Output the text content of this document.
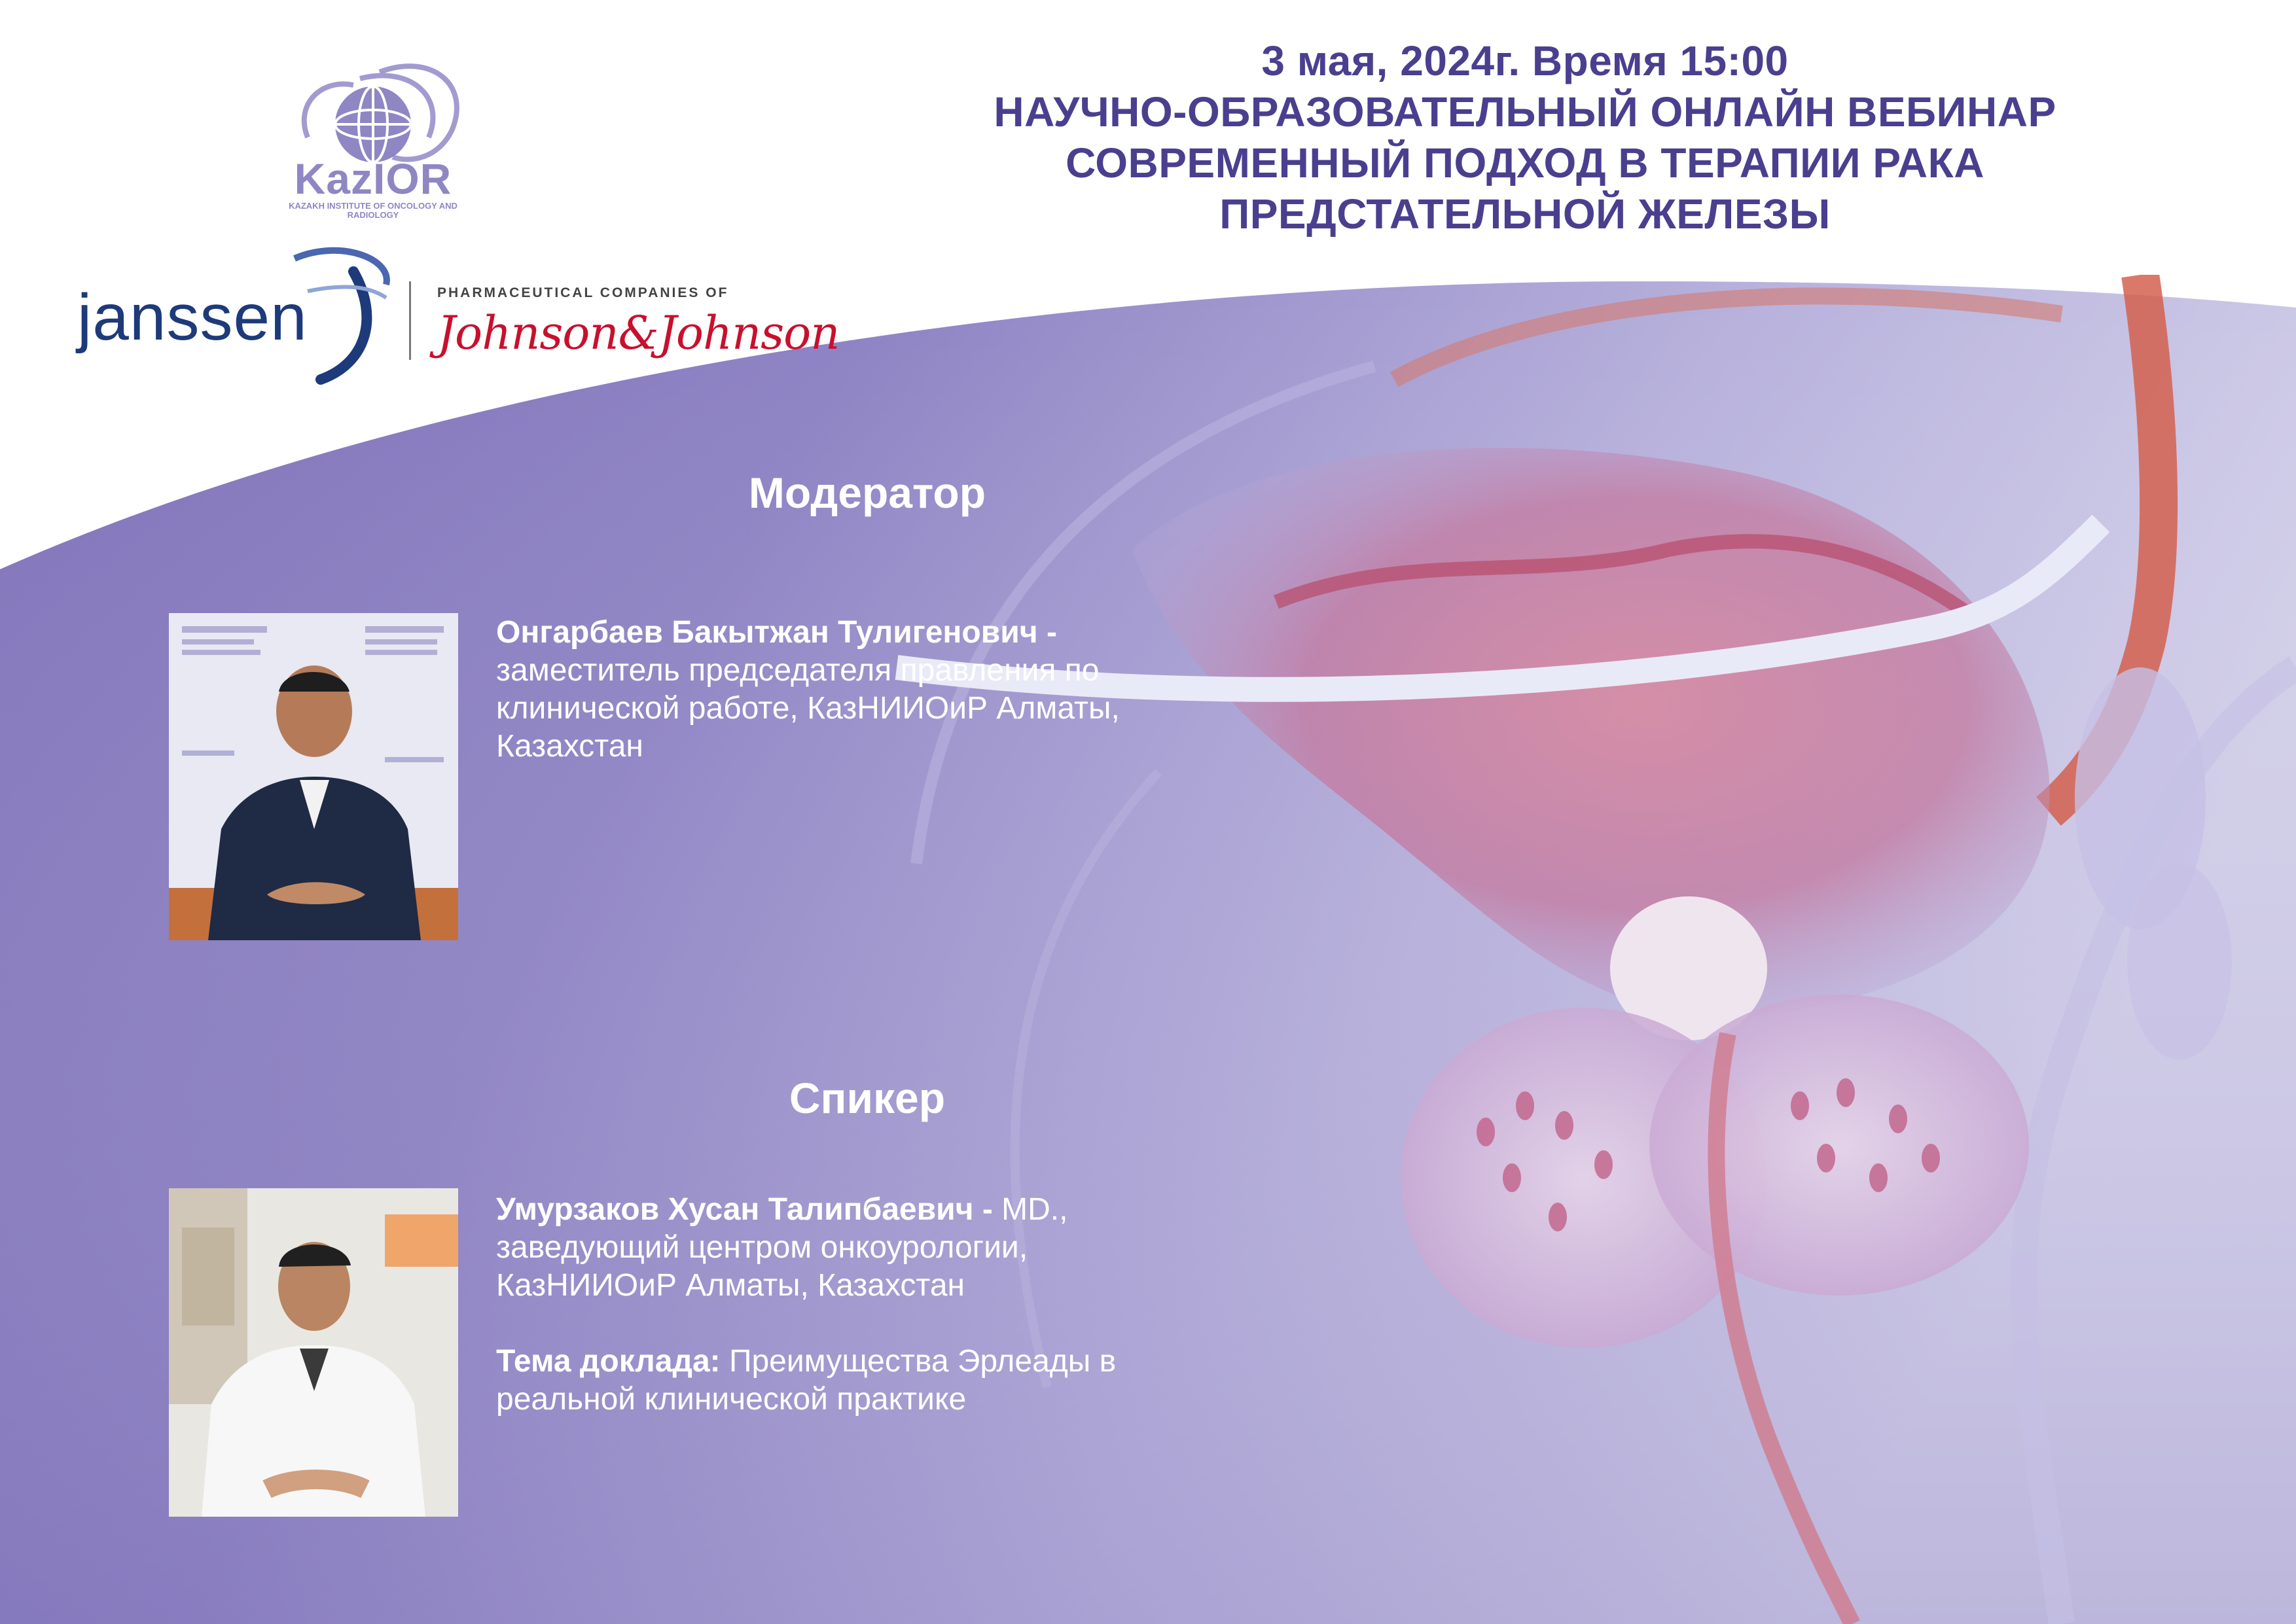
3 мая, 2024г. Время 15:00
НАУЧНО-ОБРАЗОВАТЕЛЬНЫЙ ОНЛАЙН ВЕБИНАР
СОВРЕМЕННЫЙ ПОДХОД В ТЕРАПИИ РАКА
ПРЕДСТАТЕЛЬНОЙ ЖЕЛЕЗЫ
KazIOR
KAZAKH INSTITUTE OF ONCOLOGY AND RADIOLOGY
janssen	PHARMACEUTICAL COMPANIES OF
Johnson&Johnson
Модератор
Онгарбаев Бакытжан Тулигенович -
заместитель председателя правления по
клинической работе, КазНИИОиР Алматы,
Казахстан
Спикер
Умурзаков Хусан Талипбаевич - MD.,
заведующий центром онкоурологии,
КазНИИОиР Алматы, Казахстан
Тема доклада: Преимущества Эрлеады в
реальной клинической практике
